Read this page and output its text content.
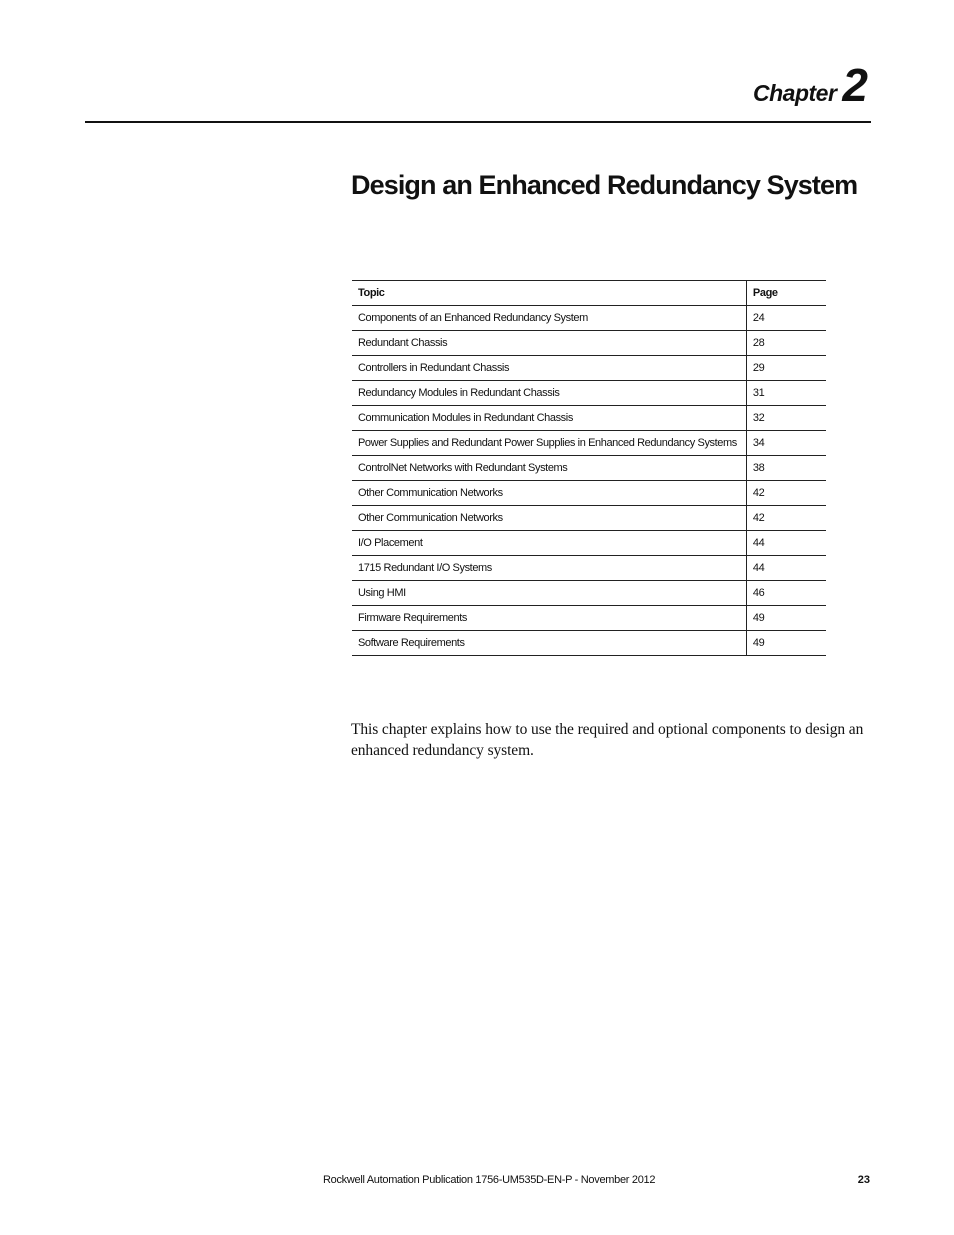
Chapter 2
Design an Enhanced Redundancy System
Topic	Page
Components of an Enhanced Redundancy System	24
Redundant Chassis	28
Controllers in Redundant Chassis	29
Redundancy Modules in Redundant Chassis	31
Communication Modules in Redundant Chassis	32
Power Supplies and Redundant Power Supplies in Enhanced Redundancy Systems	34
ControlNet Networks with Redundant Systems	38
Other Communication Networks	42
Other Communication Networks	42
I/O Placement	44
1715 Redundant I/O Systems	44
Using HMI	46
Firmware Requirements	49
Software Requirements	49

This chapter explains how to use the required and optional components to design an enhanced redundancy system.

Rockwell Automation Publication 1756-UM535D-EN-P - November 2012	23
